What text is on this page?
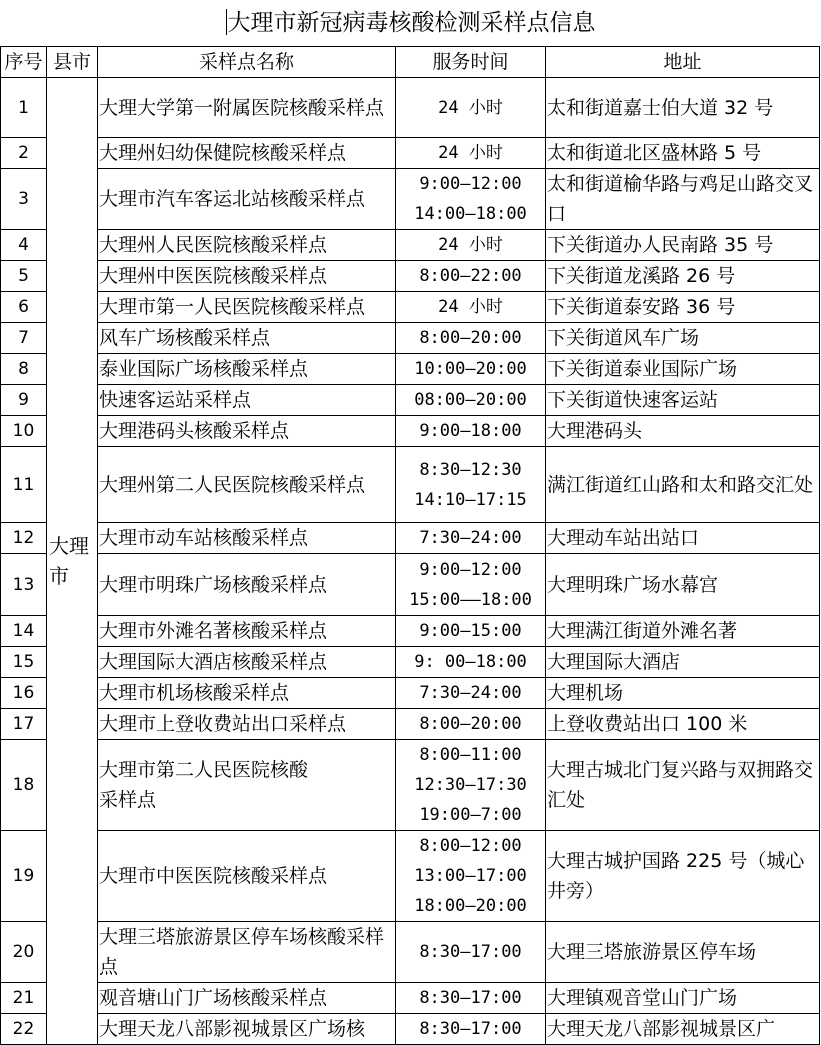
大理市新冠病毒核酸检测采样点信息
序号	县市	采样点名称	服务时间	地址
1	大理市	大理大学第一附属医院核酸采样点	24 小时	太和街道嘉士伯大道 32 号
2		大理州妇幼保健院核酸采样点	24 小时	太和街道北区盛林路 5 号
3		大理市汽车客运北站核酸采样点	9:00—12:00
14:00—18:00	太和街道榆华路与鸡足山路交叉口
4		大理州人民医院核酸采样点	24 小时	下关街道办人民南路 35 号
5		大理州中医医院核酸采样点	8:00—22:00	下关街道龙溪路 26 号
6		大理市第一人民医院核酸采样点	24 小时	下关街道泰安路 36 号
7		风车广场核酸采样点	8:00—20:00	下关街道风车广场
8		泰业国际广场核酸采样点	10:00—20:00	下关街道泰业国际广场
9		快速客运站采样点	08:00—20:00	下关街道快速客运站
10		大理港码头核酸采样点	9:00—18:00	大理港码头
11		大理州第二人民医院核酸采样点	8:30—12:30
14:10—17:15	满江街道红山路和太和路交汇处
12		大理市动车站核酸采样点	7:30—24:00	大理动车站出站口
13		大理市明珠广场核酸采样点	9:00—12:00
15:00——18:00	大理明珠广场水幕宫
14		大理市外滩名著核酸采样点	9:00—15:00	大理满江街道外滩名著
15		大理国际大酒店核酸采样点	9: 00—18:00	大理国际大酒店
16		大理市机场核酸采样点	7:30—24:00	大理机场
17		大理市上登收费站出口采样点	8:00—20:00	上登收费站出口 100 米
18		大理市第二人民医院核酸
采样点	8:00—11:00
12:30—17:30
19:00—7:00	大理古城北门复兴路与双拥路交汇处
19		大理市中医医院核酸采样点	8:00—12:00
13:00—17:00
18:00—20:00	大理古城护国路 225 号（城心井旁）
20		大理三塔旅游景区停车场核酸采样点	8:30—17:00	大理三塔旅游景区停车场
21		观音塘山门广场核酸采样点	8:30—17:00	大理镇观音堂山门广场
22		大理天龙八部影视城景区广场核	8:30—17:00	大理天龙八部影视城景区广
